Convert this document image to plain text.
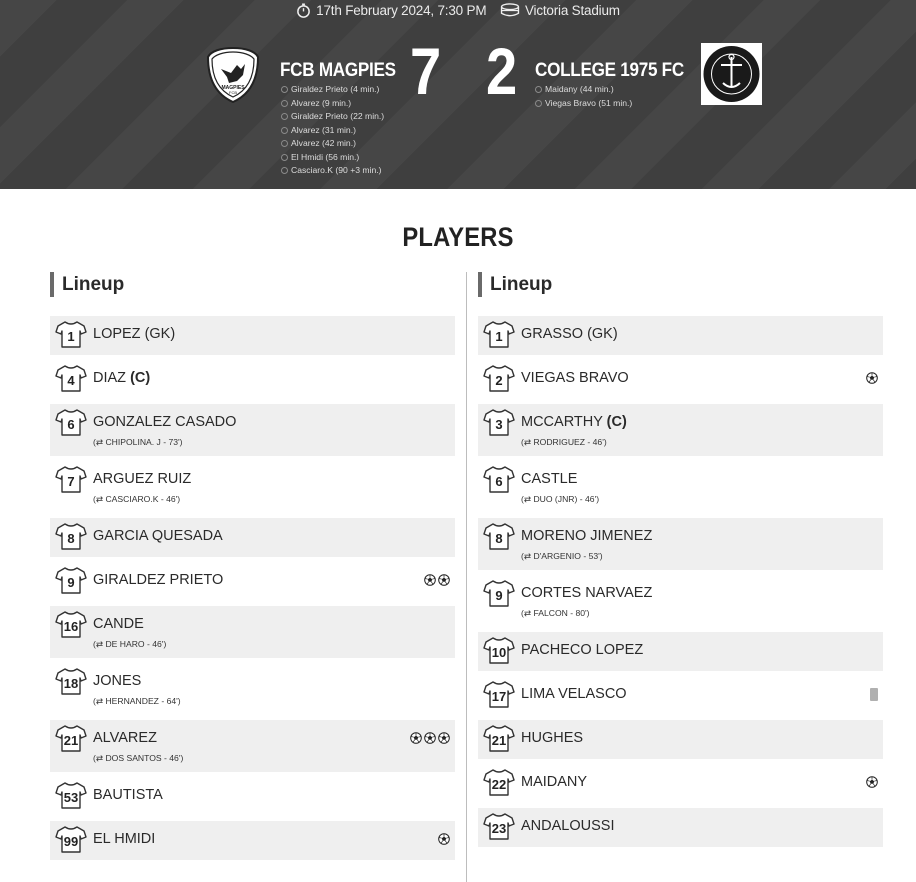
17th February 2024, 7:30 PM
	Victoria Stadium
MAGPIES
FCB
FCB MAGPIES 7 2 COLLEGE 1975 FC
Giraldez Prieto (4 min.)
Alvarez (9 min.)
Giraldez Prieto (22 min.)
Alvarez (31 min.)
Alvarez (42 min.)
El Hmidi (56 min.)
Casciaro.K (90 +3 min.)
Maidany (44 min.)
Viegas Bravo (51 min.)
PLAYERS
Lineup	Lineup
1	LOPEZ (GK)
4	DIAZ (C)
6	GONZALEZ CASADO
(⇄ CHIPOLINA. J - 73')
7	ARGUEZ RUIZ
(⇄ CASCIARO.K - 46')
8	GARCIA QUESADA
9	GIRALDEZ PRIETO
16	CANDE
(⇄ DE HARO - 46')
18	JONES
(⇄ HERNANDEZ - 64')
21	ALVAREZ
(⇄ DOS SANTOS - 46')
53	BAUTISTA
99	EL HMIDI
1	GRASSO (GK)
2	VIEGAS BRAVO
3	MCCARTHY (C)
(⇄ RODRIGUEZ - 46')
6	CASTLE
(⇄ DUO (JNR) - 46')
8	MORENO JIMENEZ
(⇄ D'ARGENIO - 53')
9	CORTES NARVAEZ
(⇄ FALCON - 80')
10	PACHECO LOPEZ
17	LIMA VELASCO
21	HUGHES
22	MAIDANY
23	ANDALOUSSI
